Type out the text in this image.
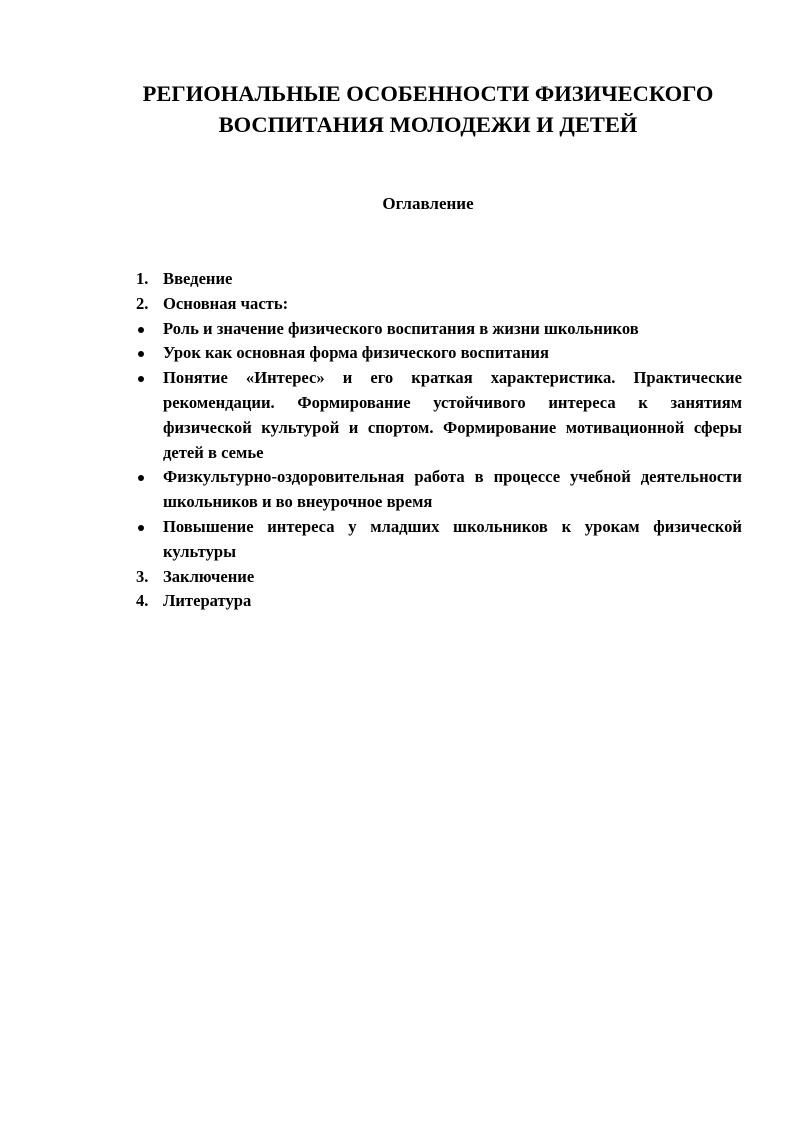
РЕГИОНАЛЬНЫЕ ОСОБЕННОСТИ ФИЗИЧЕСКОГО
ВОСПИТАНИЯ МОЛОДЕЖИ И ДЕТЕЙ
Оглавление
1. Введение
2. Основная часть:
Роль и значение физического воспитания в жизни школьников
Урок как основная форма физического воспитания
Понятие «Интерес» и его краткая характеристика. Практические рекомендации. Формирование устойчивого интереса к занятиям физической культурой и спортом. Формирование мотивационной сферы детей в семье
Физкультурно-оздоровительная работа в процессе учебной деятельности школьников и во внеурочное время
Повышение интереса у младших школьников к урокам физической культуры
3. Заключение
4. Литература
